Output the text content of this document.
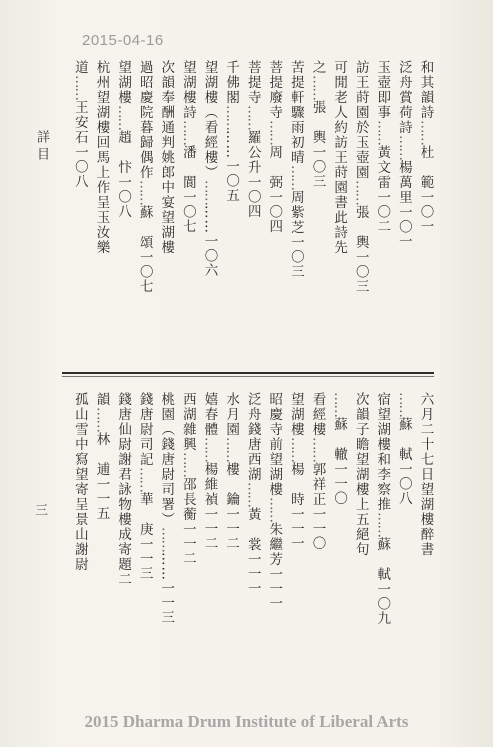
2015-04-16
詳 目
三
和其韻詩……杜　範一〇一
泛舟賞荷詩……楊萬里一〇一
玉壺即事……黃文雷一〇二
訪王莳園於玉壺園……張　輿一〇三
可閒老人約訪王莳園書此詩先
之……張　輿一〇三
苦提軒驟雨初晴……周紫芝一〇三
菩提廢寺……周　弼一〇四
菩提寺……羅公升一〇四
千佛閣…………一〇五
望湖樓（看經樓）…………一〇六
望湖樓詩……潘　閬一〇七
次韻奉酬通判姚郎中宴望湖樓
過昭慶院暮歸偶作……蘇　頌一〇七
望湖樓……趙　忭一〇八
杭州望湖樓回馬上作呈玉汝樂
道……王安石一〇八
六月二十七日望湖樓醉書
……蘇　軾一〇八
宿望湖樓和李察推……蘇　軾一〇九
次韻子瞻望湖樓上五絕句
……蘇　轍一一〇
看經樓……郭祥正一一〇
望湖樓……楊　時一一一
昭慶寺前望湖樓……朱繼芳一一一
泛舟錢唐西湖……黃　裳一一一
水月園……樓　鑰一一二
嬉春體……楊維禎一一二
西湖雜興……邵長蘅一一二
桃園（錢唐尉司署）…………一一三
錢唐尉司記……華　庚一一三
錢唐仙尉謝君詠物樓成寄題二
韻……林　逋一一五
孤山雪中寫望寄呈景山謝尉
2015 Dharma Drum Institute of Liberal Arts
